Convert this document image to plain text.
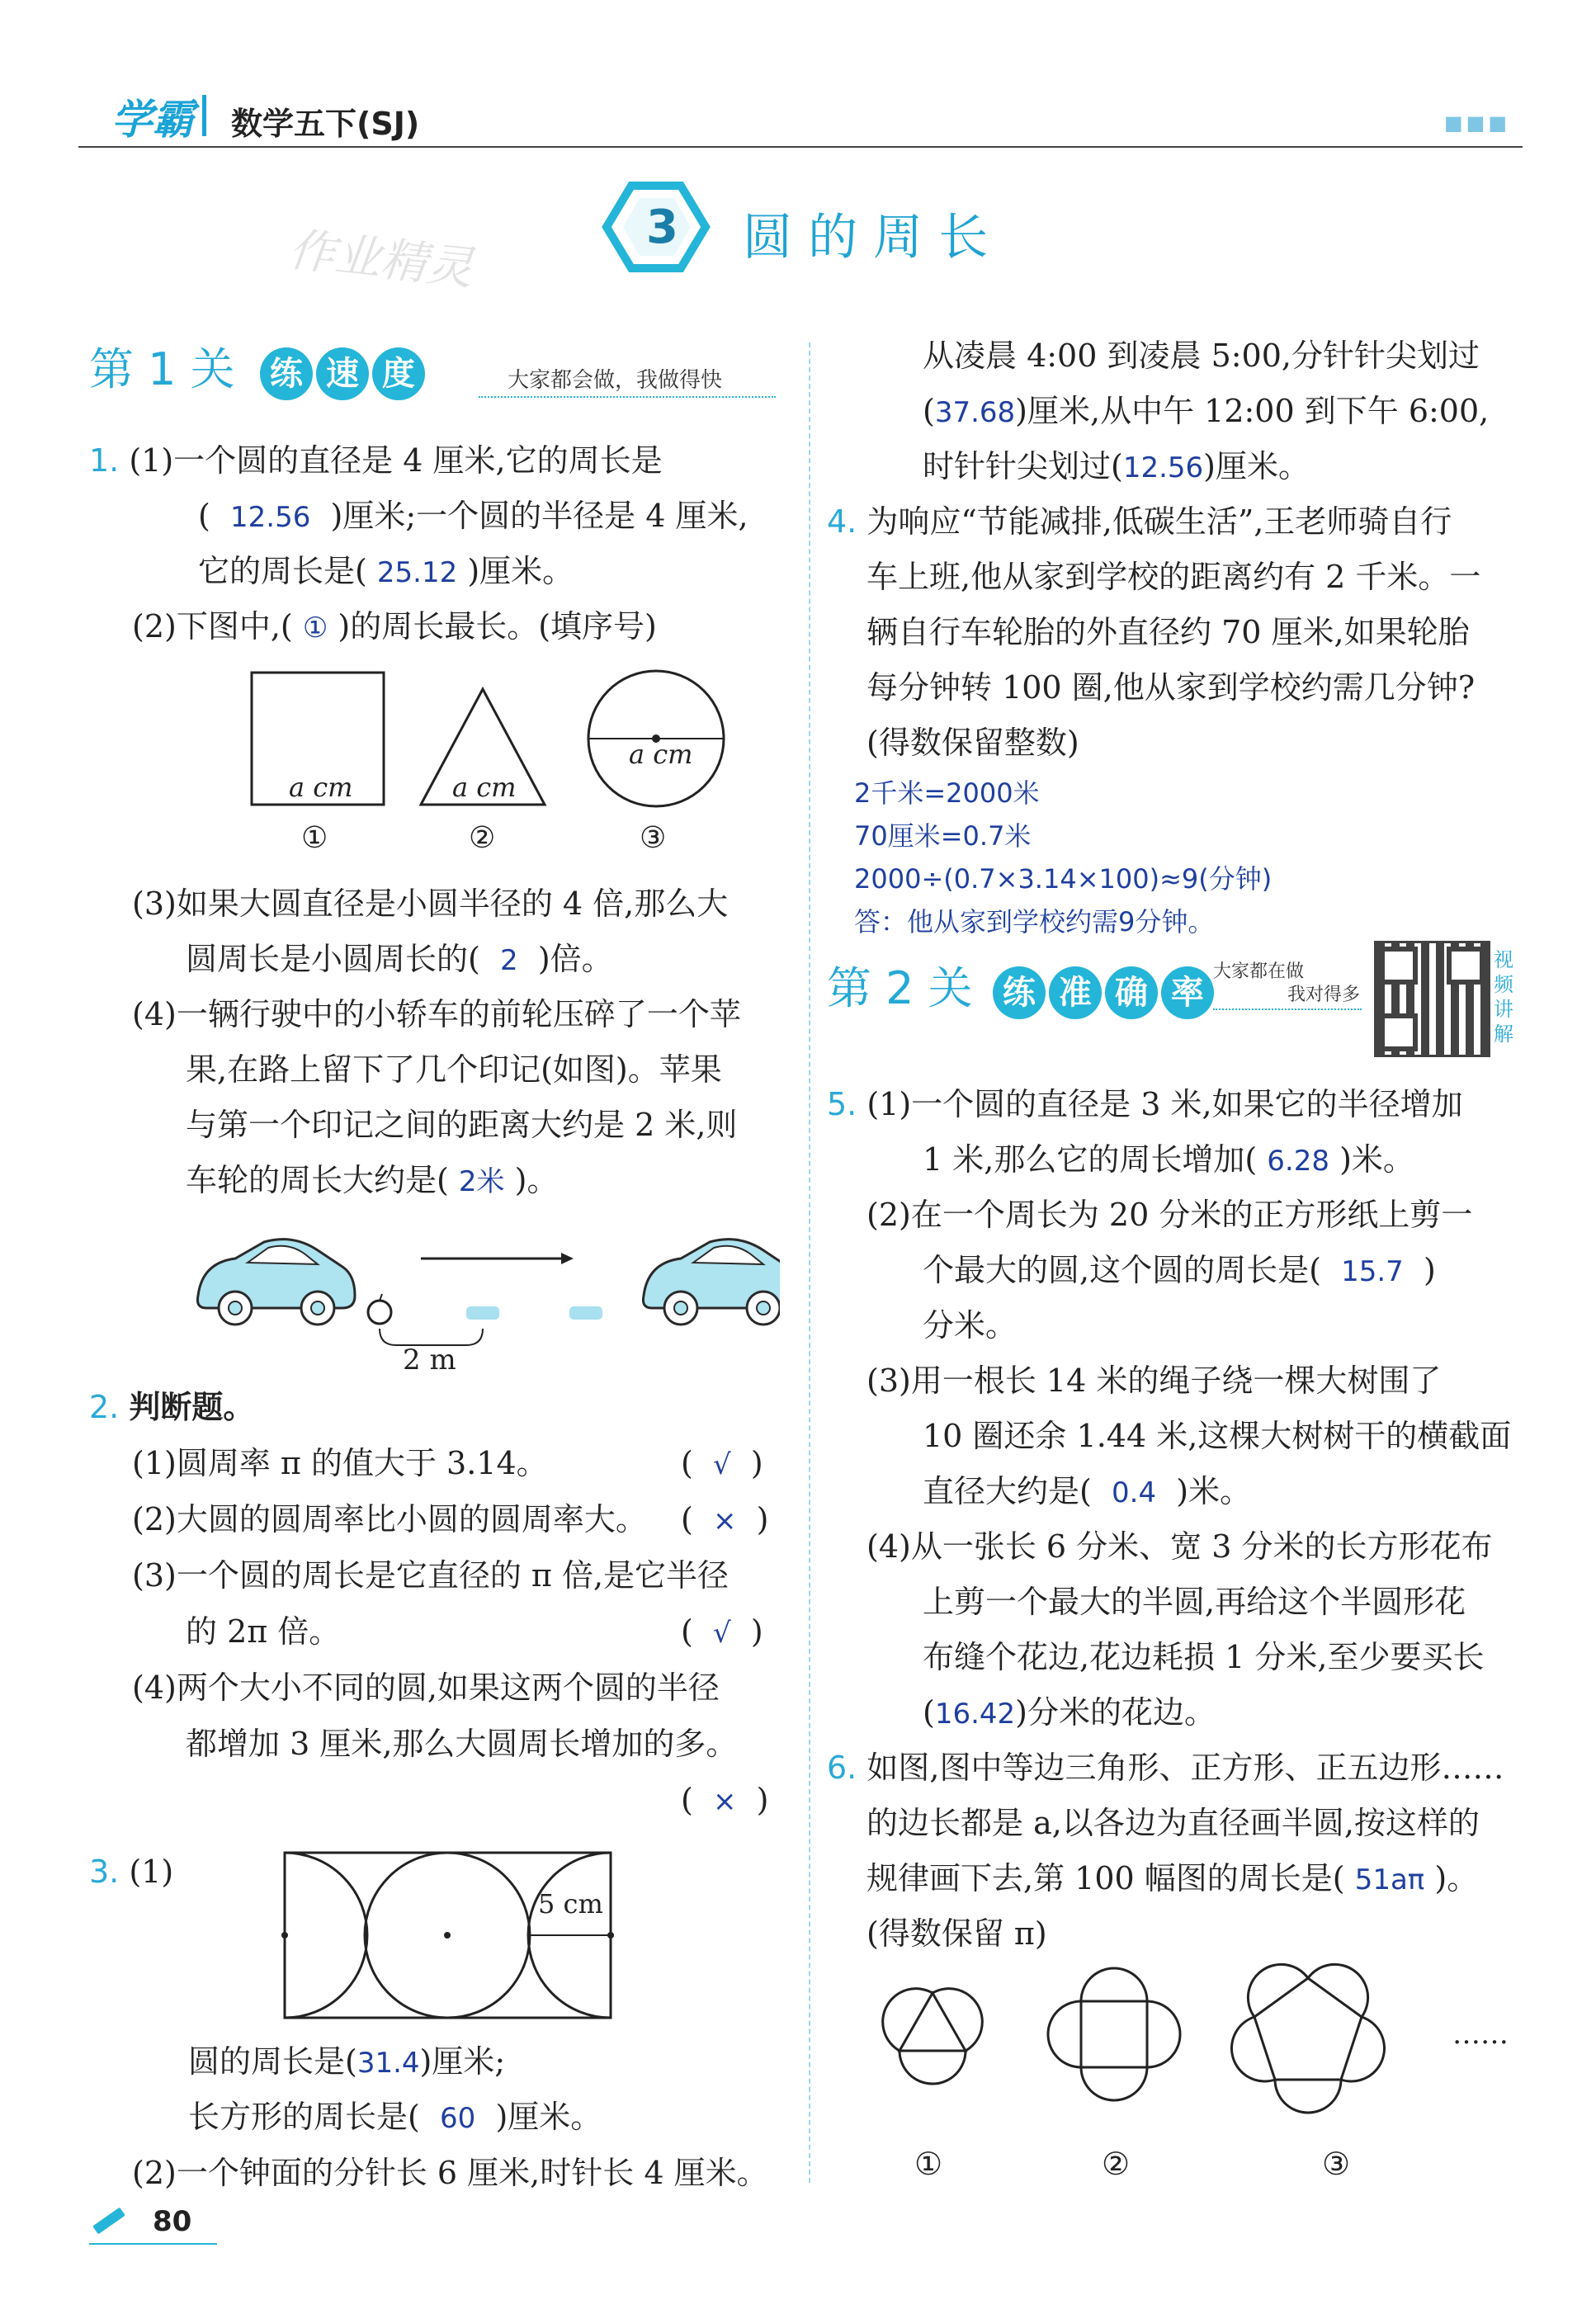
学霸 数学五下(SJ)	■■■
作业精灵	3 圆 的 周 长
第 1 关 练 速 度	大家都会做，我做得快
1. (1)一个圆的直径是 4 厘米,它的周长是
( 12.56 )厘米;一个圆的半径是 4 厘米,
它的周长是( 25.12 )厘米。
(2)下图中,( ① )的周长最长。(填序号)
a cm	a cm
a cm
①	②	③
(3)如果大圆直径是小圆半径的 4 倍,那么大
圆周长是小圆周长的( 2 )倍。
(4)一辆行驶中的小轿车的前轮压碎了一个苹
果,在路上留下了几个印记(如图)。苹果
与第一个印记之间的距离大约是 2 米,则
车轮的周长大约是( 2米 )。
2 m
2. 判断题。
(1)圆周率 π 的值大于 3.14。	(  √  )
(2)大圆的圆周率比小圆的圆周率大。 (  ×  )
(3)一个圆的周长是它直径的 π 倍,是它半径
的 2π 倍。	(  √  )
(4)两个大小不同的圆,如果这两个圆的半径
都增加 3 厘米,那么大圆周长增加的多。
(  ×  )
3. (1)
5 cm
圆的周长是(31.4)厘米;
长方形的周长是( 60 )厘米。
(2)一个钟面的分针长 6 厘米,时针长 4 厘米。
80
从凌晨 4:00 到凌晨 5:00,分针针尖划过
(37.68)厘米,从中午 12:00 到下午 6:00,
时针针尖划过(12.56)厘米。
4. 为响应“节能减排,低碳生活”,王老师骑自行
车上班,他从家到学校的距离约有 2 千米。一
辆自行车轮胎的外直径约 70 厘米,如果轮胎
每分钟转 100 圈,他从家到学校约需几分钟?
(得数保留整数)
2千米=2000米
70厘米=0.7米
2000÷(0.7×3.14×100)≈9(分钟)
答：他从家到学校约需9分钟。
第 2 关 练 准 确 率
大家都在做
我对得多
视频讲解
5. (1)一个圆的直径是 3 米,如果它的半径增加
1 米,那么它的周长增加( 6.28 )米。
(2)在一个周长为 20 分米的正方形纸上剪一
个最大的圆,这个圆的周长是( 15.7 )
分米。
(3)用一根长 14 米的绳子绕一棵大树围了
10 圈还余 1.44 米,这棵大树树干的横截面
直径大约是( 0.4 )米。
(4)从一张长 6 分米、宽 3 分米的长方形花布
上剪一个最大的半圆,再给这个半圆形花
布缝个花边,花边耗损 1 分米,至少要买长
(16.42)分米的花边。
6. 如图,图中等边三角形、正方形、正五边形……
的边长都是 a,以各边为直径画半圆,按这样的
规律画下去,第 100 幅图的周长是( 51aπ )。
(得数保留 π)
……
①	②	③
